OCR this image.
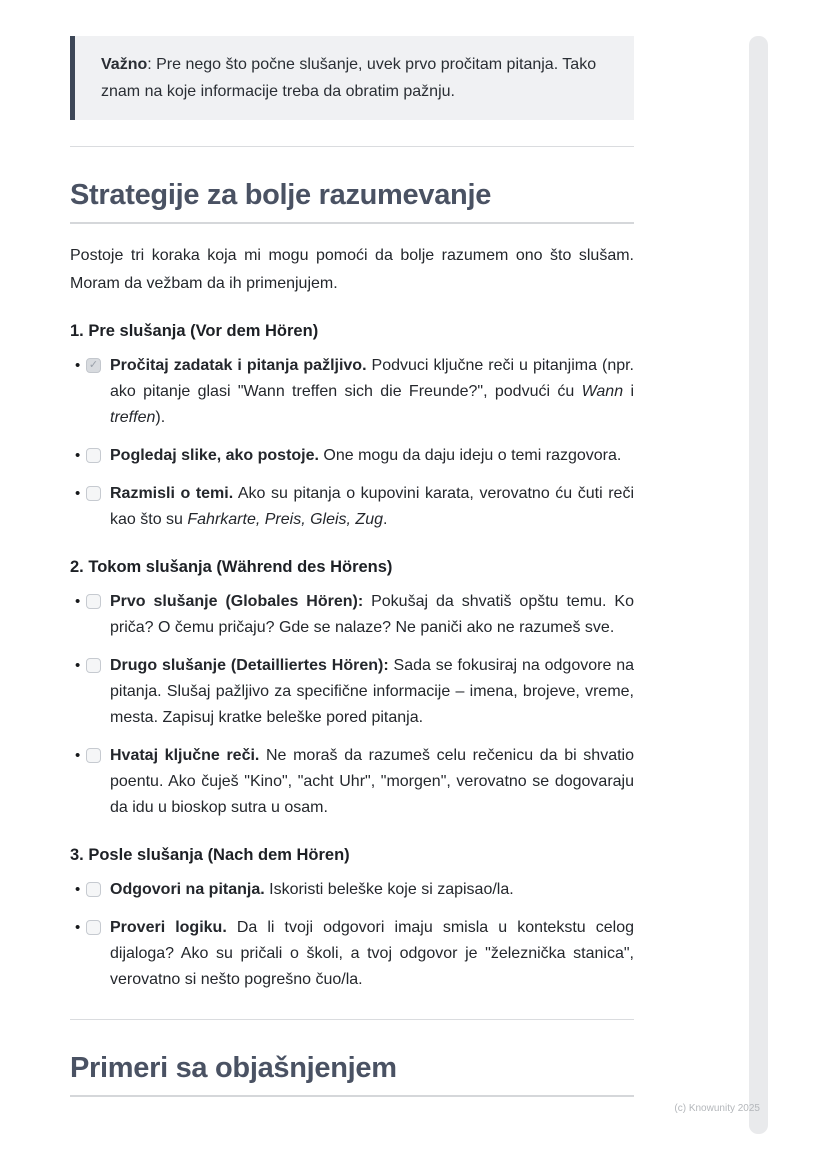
Važno: Pre nego što počne slušanje, uvek prvo pročitam pitanja. Tako znam na koje informacije treba da obratim pažnju.

Strategije za bolje razumevanje

Postoje tri koraka koja mi mogu pomoći da bolje razumem ono što slušam. Moram da vežbam da ih primenjujem.

1. Pre slušanja (Vor dem Hören)
• ✓ Pročitaj zadatak i pitanja pažljivo. Podvuci ključne reči u pitanjima (npr. ako pitanje glasi "Wann treffen sich die Freunde?", podvući ću Wann i treffen).

•	Pogledaj slike, ako postoje. One mogu da daju ideju o temi razgovora.

•	Razmisli o temi. Ako su pitanja o kupovini karata, verovatno ću čuti reči kao što su Fahrkarte, Preis, Gleis, Zug.

2. Tokom slušanja (Während des Hörens)
•	Prvo slušanje (Globales Hören): Pokušaj da shvatiš opštu temu. Ko priča? O čemu pričaju? Gde se nalaze? Ne paniči ako ne razumeš sve.

•	Drugo slušanje (Detailliertes Hören): Sada se fokusiraj na odgovore na pitanja. Slušaj pažljivo za specifične informacije – imena, brojeve, vreme, mesta. Zapisuj kratke beleške pored pitanja.

•	Hvataj ključne reči. Ne moraš da razumeš celu rečenicu da bi shvatio poentu. Ako čuješ "Kino", "acht Uhr", "morgen", verovatno se dogovaraju da idu u bioskop sutra u osam.

3. Posle slušanja (Nach dem Hören)
•	Odgovori na pitanja. Iskoristi beleške koje si zapisao/la.

•	Proveri logiku. Da li tvoji odgovori imaju smisla u kontekstu celog dijaloga? Ako su pričali o školi, a tvoj odgovor je "železnička stanica", verovatno si nešto pogrešno čuo/la.

Primeri sa objašnjenjem
(c) Knowunity 2025
